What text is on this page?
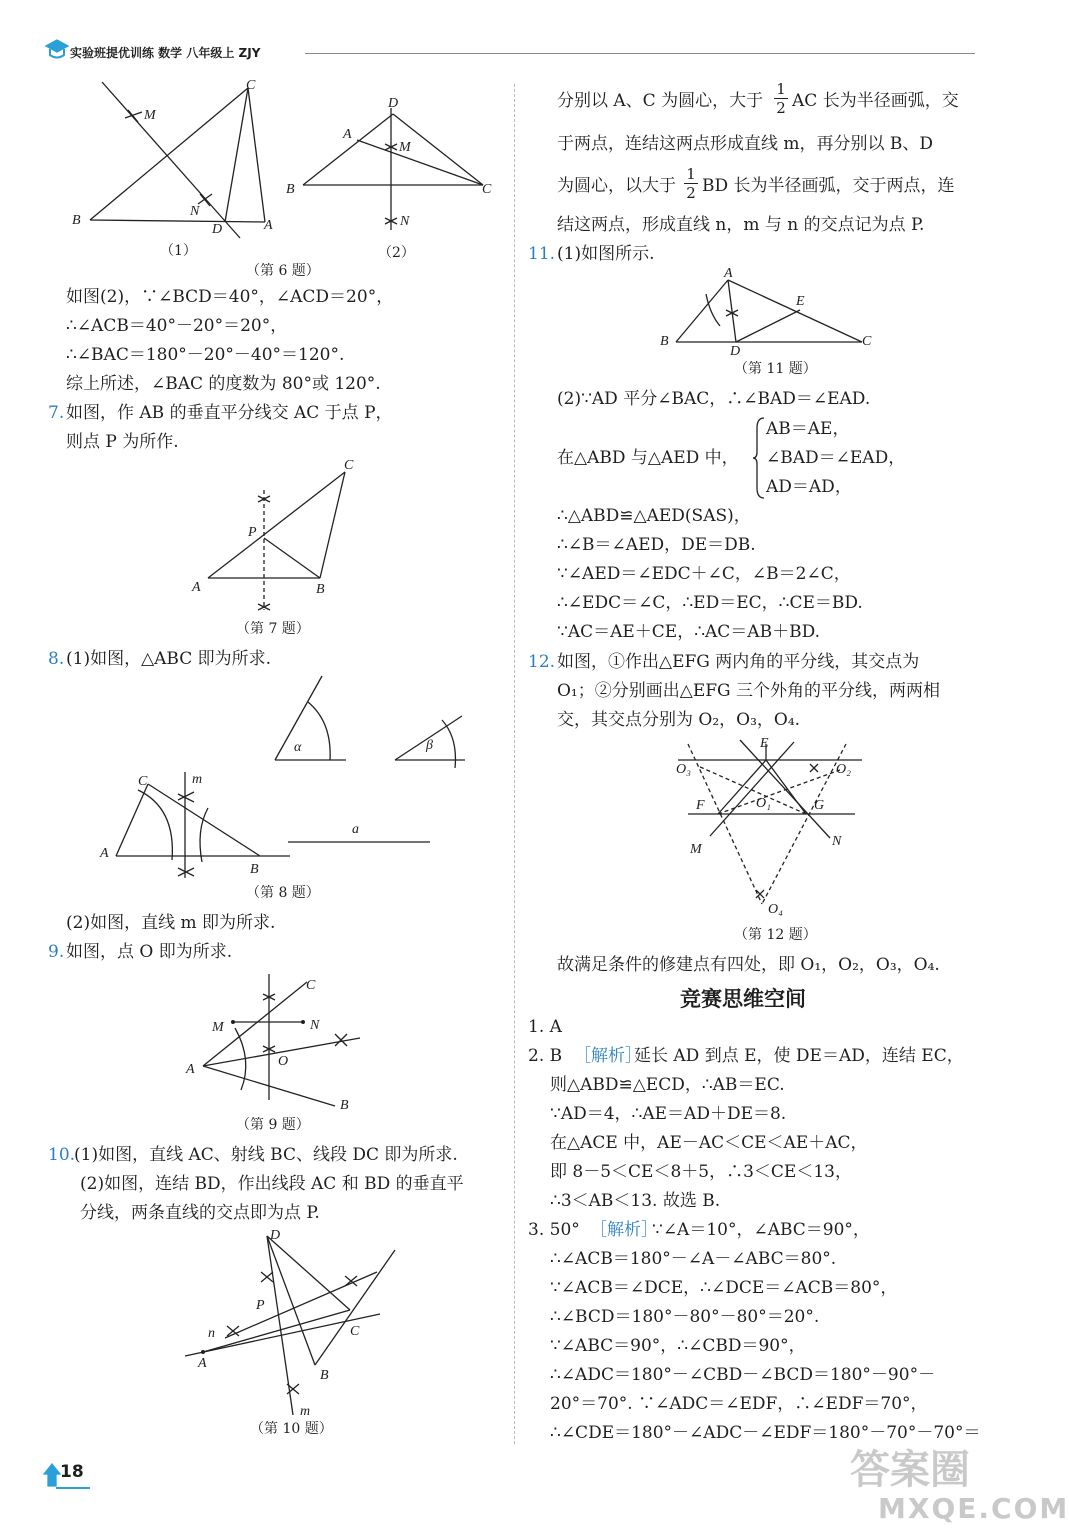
实验班提优训练 数学 八年级上 ZJY
C
M
N
B
D	A
（1）
D
A
M
B	C
N
（2）
（第 6 题）
如图(2)，∵∠BCD＝40°，∠ACD＝20°，
∴∠ACB＝40°－20°＝20°，
∴∠BAC＝180°－20°－40°＝120°.
综上所述，∠BAC 的度数为 80°或 120°.
7. 如图，作 AB 的垂直平分线交 AC 于点 P，
则点 P 为所作.
C
P
A	B
（第 7 题）
8. (1)如图，△ABC 即为所求.
α	β
C	m
A
B
a
（第 8 题）
(2)如图，直线 m 即为所求.
9. 如图，点 O 即为所求.
C
M	N
A
O
B
（第 9 题）
10.
(1)如图，直线 AC、射线 BC、线段 DC 即为所求.
(2)如图，连结 BD，作出线段 AC 和 BD 的垂直平
分线，两条直线的交点即为点 P.
D
P
n
A
C
B
m
（第 10 题）
18
分别以 A、C 为圆心，大于 $\frac{1}{2}$ AC 长为半径画弧，交
于两点，连结这两点形成直线 m，再分别以 B、D
为圆心，以大于 $\frac{1}{2}$ BD 长为半径画弧，交于两点，连
结这两点，形成直线 n，m 与 n 的交点记为点 P.
11. (1)如图所示.
A
E
B
D
C
（第 11 题）
(2)∵AD 平分∠BAC，∴∠BAD＝∠EAD.
在△ABD 与△AED 中，
AB＝AE，
∠BAD＝∠EAD，
AD＝AD，
∴△ABD≌△AED(SAS)，
∴∠B＝∠AED，DE＝DB.
∵∠AED＝∠EDC＋∠C，∠B＝2∠C，
∴∠EDC＝∠C，∴ED＝EC，∴CE＝BD.
∵AC＝AE＋CE，∴AC＝AB＋BD.
12. 如图，①作出△EFG 两内角的平分线，其交点为
O₁；②分别画出△EFG 三个外角的平分线，两两相
交，其交点分别为 O₂，O₃，O₄.
E
O₃	O₂
F	O₁	G
M
N
O₄
（第 12 题）
故满足条件的修建点有四处，即 O₁，O₂，O₃，O₄.
竞赛思维空间
1. A
2. B ［解析］
延长 AD 到点 E，使 DE＝AD，连结 EC，
则△ABD≌△ECD，∴AB＝EC.
∵AD＝4，∴AE＝AD＋DE＝8.
在△ACE 中，AE－AC＜CE＜AE＋AC，
即 8－5＜CE＜8＋5，∴3＜CE＜13，
∴3＜AB＜13. 故选 B.
3. 50° ［解析］
∵∠A＝10°，∠ABC＝90°，
∴∠ACB＝180°－∠A－∠ABC＝80°.
∵∠ACB＝∠DCE，∴∠DCE＝∠ACB＝80°，
∴∠BCD＝180°－80°－80°＝20°.
∵∠ABC＝90°，∴∠CBD＝90°，
∴∠ADC＝180°－∠CBD－∠BCD＝180°－90°－
20°＝70°. ∵∠ADC＝∠EDF，∴∠EDF＝70°，
∴∠CDE＝180°－∠ADC－∠EDF＝180°－70°－70°＝
答案圈
MXQE.COM
